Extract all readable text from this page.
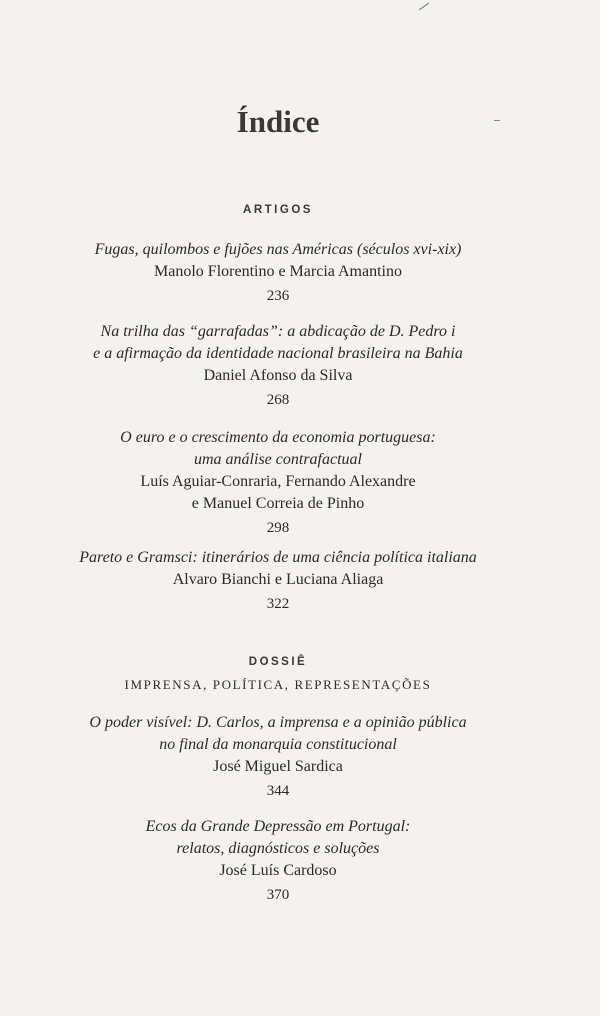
Índice
ARTIGOS
Fugas, quilombos e fujões nas Américas (séculos xvi-xix)
Manolo Florentino e Marcia Amantino
236
Na trilha das “garrafadas”: a abdicação de D. Pedro i
e a afirmação da identidade nacional brasileira na Bahia
Daniel Afonso da Silva
268
O euro e o crescimento da economia portuguesa:
uma análise contrafactual
Luís Aguiar-Conraria, Fernando Alexandre
e Manuel Correia de Pinho
298
Pareto e Gramsci: itinerários de uma ciência política italiana
Alvaro Bianchi e Luciana Aliaga
322
DOSSIÊ
IMPRENSA, POLÍTICA, REPRESENTAÇÕES
O poder visível: D. Carlos, a imprensa e a opinião pública
no final da monarquia constitucional
José Miguel Sardica
344
Ecos da Grande Depressão em Portugal:
relatos, diagnósticos e soluções
José Luís Cardoso
370
